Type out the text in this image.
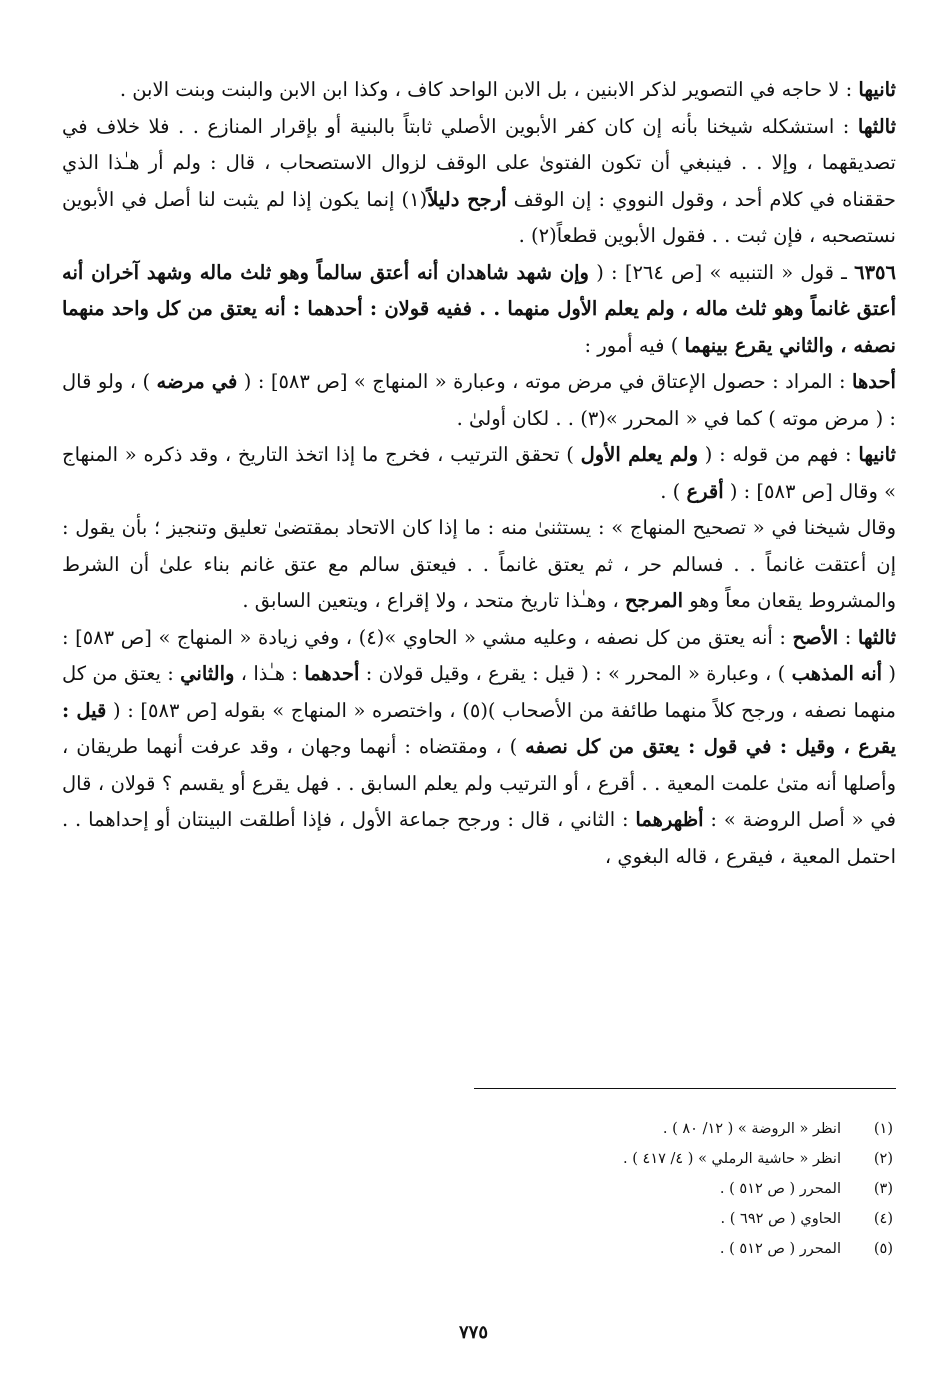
ثانيها : لا حاجه في التصوير لذكر الابنين ، بل الابن الواحد كاف ، وكذا ابن الابن والبنت وبنت الابن .

ثالثها : استشكله شيخنا بأنه إن كان كفر الأبوين الأصلي ثابتاً بالبنية أو بإقرار المنازع . . فلا خلاف في تصديقهما ، وإلا . . فينبغي أن تكون الفتوىٰ على الوقف لزوال الاستصحاب ، قال : ولم أر هـٰذا الذي حققناه في كلام أحد ، وقول النووي : إن الوقف أرجح دليلاً(١) إنما يكون إذا لم يثبت لنا أصل في الأبوين نستصحبه ، فإن ثبت . . فقول الأبوين قطعاً(٢) .

٦٣٥٦ ـ قول « التنبيه » [ص ٢٦٤] : ( وإن شهد شاهدان أنه أعتق سالماً وهو ثلث ماله وشهد آخران أنه أعتق غانماً وهو ثلث ماله ، ولم يعلم الأول منهما . . ففيه قولان : أحدهما : أنه يعتق من كل واحد منهما نصفه ، والثاني يقرع بينهما ) فيه أمور :

أحدها : المراد : حصول الإعتاق في مرض موته ، وعبارة « المنهاج » [ص ٥٨٣] : ( في مرضه ) ، ولو قال : ( مرض موته ) كما في « المحرر »(٣) . . لكان أولىٰ .

ثانيها : فهم من قوله : ( ولم يعلم الأول ) تحقق الترتيب ، فخرج ما إذا اتخذ التاريخ ، وقد ذكره « المنهاج » وقال [ص ٥٨٣] : ( أقرع ) .

وقال شيخنا في « تصحيح المنهاج » : يستثنىٰ منه : ما إذا كان الاتحاد بمقتضىٰ تعليق وتنجيز ؛ بأن يقول : إن أعتقت غانماً . . فسالم حر ، ثم يعتق غانماً . . فيعتق سالم مع عتق غانم بناء علىٰ أن الشرط والمشروط يقعان معاً وهو المرجح ، وهـٰذا تاريخ متحد ، ولا إقراع ، ويتعين السابق .

ثالثها : الأصح : أنه يعتق من كل نصفه ، وعليه مشي « الحاوي »(٤) ، وفي زيادة « المنهاج » [ص ٥٨٣] : ( أنه المذهب ) ، وعبارة « المحرر » : ( قيل : يقرع ، وقيل قولان : أحدهما : هـٰذا ، والثاني : يعتق من كل منهما نصفه ، ورجح كلاً منهما طائفة من الأصحاب )(٥) ، واختصره « المنهاج » بقوله [ص ٥٨٣] : ( قيل : يقرع ، وقيل : في قول : يعتق من كل نصفه ) ، ومقتضاه : أنهما وجهان ، وقد عرفت أنهما طريقان ، وأصلها أنه متىٰ علمت المعية . . أقرع ، أو الترتيب ولم يعلم السابق . . فهل يقرع أو يقسم ؟ قولان ، قال في « أصل الروضة » : أظهرهما : الثاني ، قال : ورجح جماعة الأول ، فإذا أطلقت البينتان أو إحداهما . . احتمل المعية ، فيقرع ، قاله البغوي ،

(١)انظر « الروضة » ( ١٢/ ٨٠ ) .
(٢)انظر « حاشية الرملي » ( ٤/ ٤١٧ ) .
(٣)المحرر ( ص ٥١٢ ) .
(٤)الحاوي ( ص ٦٩٢ ) .
(٥)المحرر ( ص ٥١٢ ) .
٧٧٥
